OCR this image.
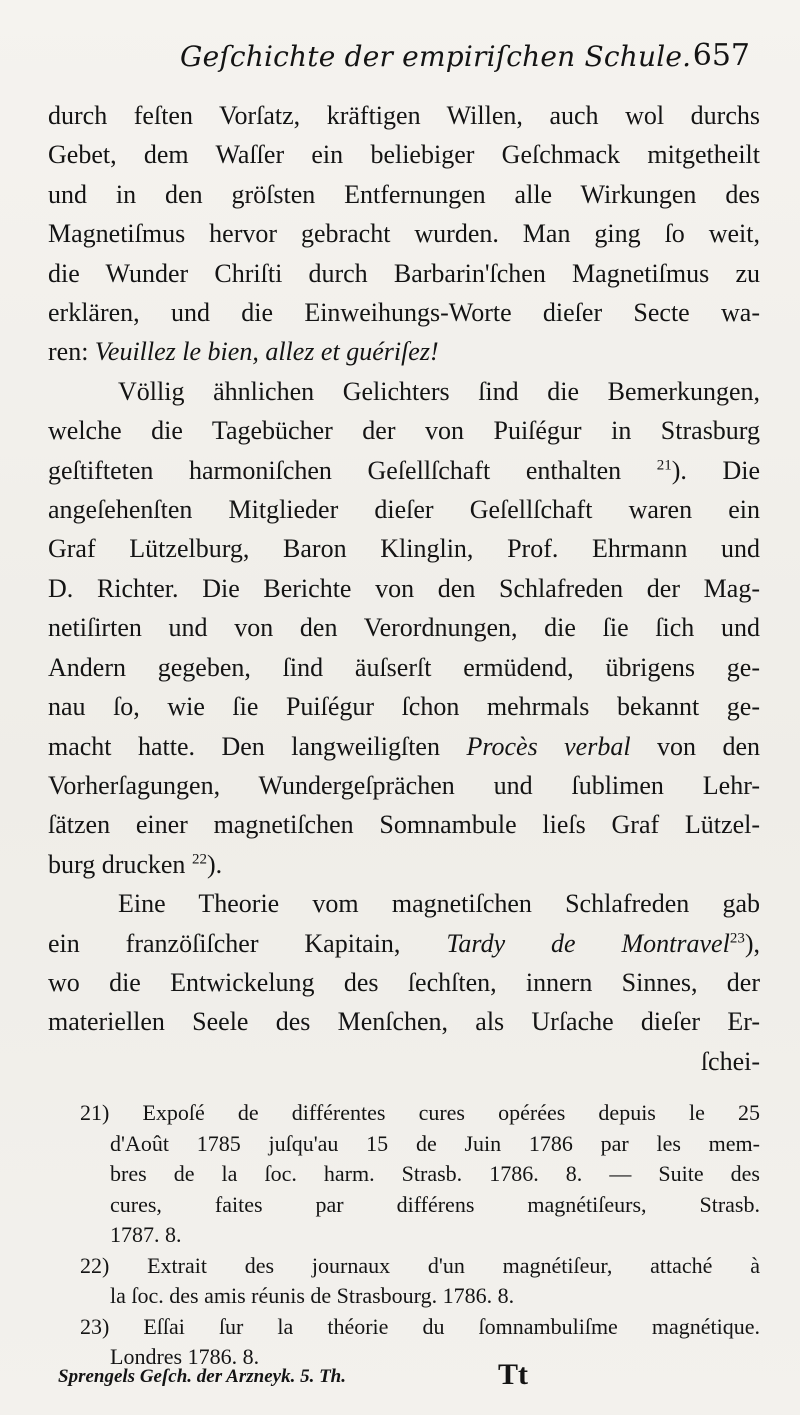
Geſchichte der empiriſchen Schule. 657
durch feſten Vorſatz, kräftigen Willen, auch wol durchs
Gebet, dem Waſſer ein beliebiger Geſchmack mitgetheilt
und in den gröſsten Entfernungen alle Wirkungen des
Magnetiſmus hervor gebracht wurden. Man ging ſo weit,
die Wunder Chriſti durch Barbarin'ſchen Magnetiſmus zu
erklären, und die Einweihungs-Worte dieſer Secte wa-
ren: Veuillez le bien, allez et guériſez!
Völlig ähnlichen Gelichters ſind die Bemerkungen,
welche die Tagebücher der von Puiſégur in Strasburg
geſtifteten harmoniſchen Geſellſchaft enthalten $^{21}$). Die
angeſehenſten Mitglieder dieſer Geſellſchaft waren ein
Graf Lützelburg, Baron Klinglin, Prof. Ehrmann und
D. Richter. Die Berichte von den Schlafreden der Mag-
netiſirten und von den Verordnungen, die ſie ſich und
Andern gegeben, ſind äuſserſt ermüdend, übrigens ge-
nau ſo, wie ſie Puiſégur ſchon mehrmals bekannt ge-
macht hatte. Den langweiligſten Procès verbal von den
Vorherſagungen, Wundergeſprächen und ſublimen Lehr-
ſätzen einer magnetiſchen Somnambule lieſs Graf Lützel-
burg drucken $^{22}$).
Eine Theorie vom magnetiſchen Schlafreden gab
ein franzöſiſcher Kapitain, Tardy de Montravel$^{23}$),
wo die Entwickelung des ſechſten, innern Sinnes, der
materiellen Seele des Menſchen, als Urſache dieſer Er-
ſchei-
21) Expoſé de différentes cures opérées depuis le 25
d'Août 1785 juſqu'au 15 de Juin 1786 par les mem-
bres de la ſoc. harm. Strasb. 1786. 8. — Suite des
cures, faites par différens magnétiſeurs, Strasb.
1787. 8.
22) Extrait des journaux d'un magnétiſeur, attaché à
la ſoc. des amis réunis de Strasbourg. 1786. 8.
23) Eſſai ſur la théorie du ſomnambuliſme magnétique.
Londres 1786. 8.
Sprengels Geſch. der Arzneyk. 5. Th.	Tt
